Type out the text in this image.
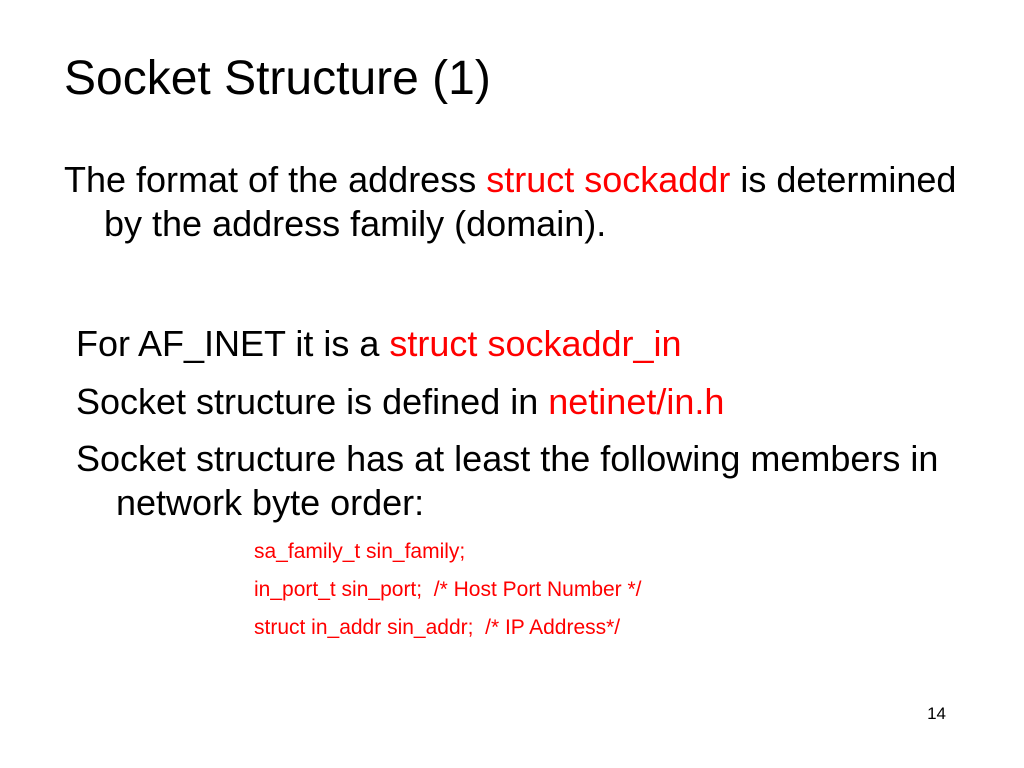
Socket Structure (1)
The format of the address struct sockaddr is determined by the address family (domain).
For AF_INET it is a struct sockaddr_in
Socket structure is defined in netinet/in.h
Socket structure has at least the following members in network byte order:
sa_family_t sin_family;
in_port_t sin_port;  /* Host Port Number */
struct in_addr sin_addr;  /* IP Address*/
14
